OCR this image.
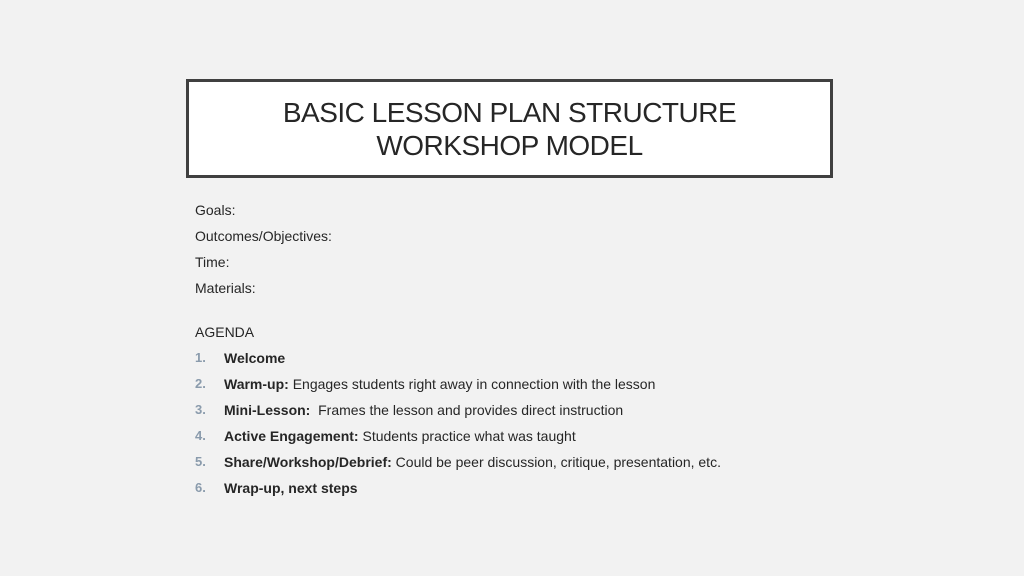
BASIC LESSON PLAN STRUCTURE
WORKSHOP MODEL
Goals:
Outcomes/Objectives:
Time:
Materials:
AGENDA
1.	Welcome
2.	Warm-up: Engages students right away in connection with the lesson
3.	Mini-Lesson: Frames the lesson and provides direct instruction
4.	Active Engagement: Students practice what was taught
5.	Share/Workshop/Debrief: Could be peer discussion, critique, presentation, etc.
6.	Wrap-up, next steps
